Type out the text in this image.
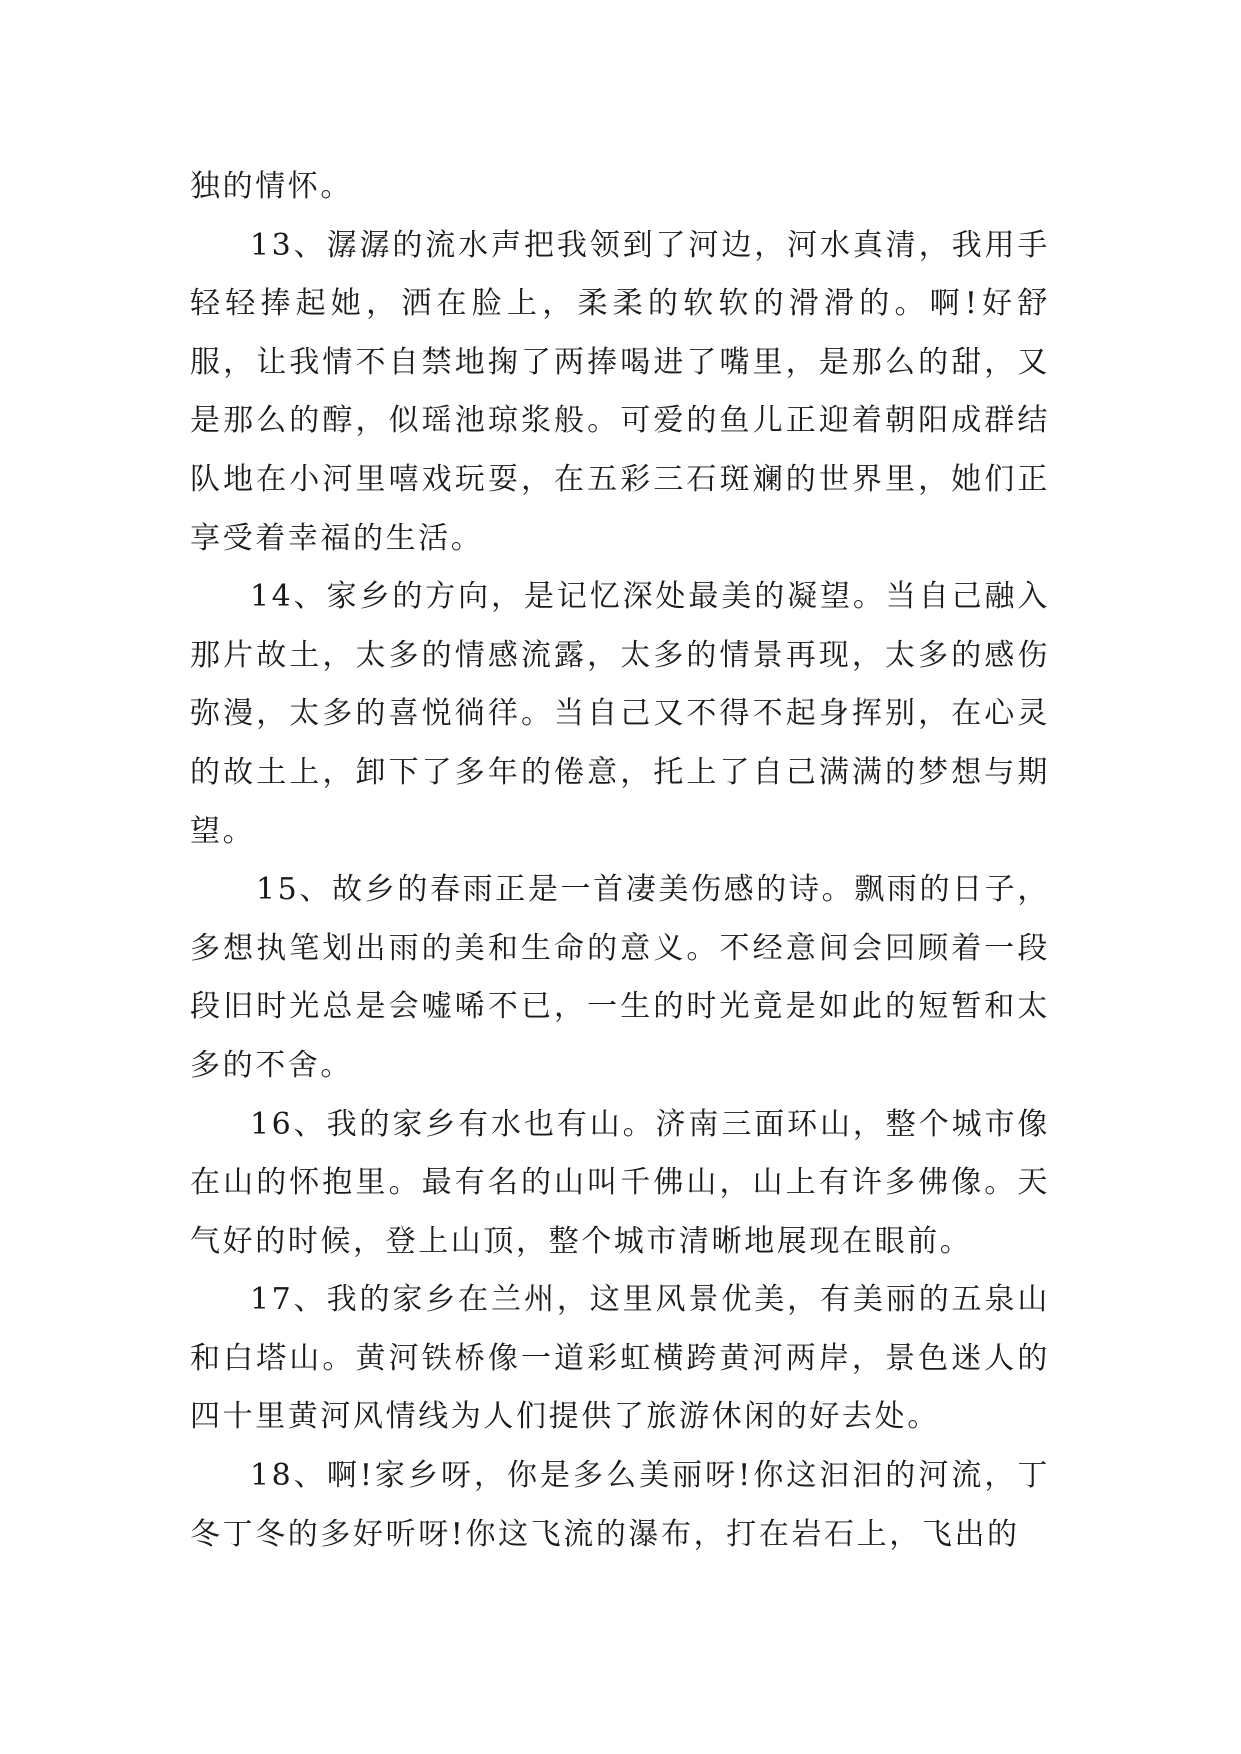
独的情怀。

13、潺潺的流水声把我领到了河边，河水真清，我用手轻轻捧起她，洒在脸上，柔柔的软软的滑滑的。啊!好舒服，让我情不自禁地掬了两捧喝进了嘴里，是那么的甜，又是那么的醇，似瑶池琼浆般。可爱的鱼儿正迎着朝阳成群结队地在小河里嘻戏玩耍，在五彩三石斑斓的世界里，她们正享受着幸福的生活。

14、家乡的方向，是记忆深处最美的凝望。当自己融入那片故土，太多的情感流露，太多的情景再现，太多的感伤弥漫，太多的喜悦徜徉。当自己又不得不起身挥别，在心灵的故土上，卸下了多年的倦意，托上了自己满满的梦想与期望。

15、故乡的春雨正是一首凄美伤感的诗。飘雨的日子，多想执笔划出雨的美和生命的意义。不经意间会回顾着一段段旧时光总是会嘘唏不已，一生的时光竟是如此的短暂和太多的不舍。

16、我的家乡有水也有山。济南三面环山，整个城市像在山的怀抱里。最有名的山叫千佛山，山上有许多佛像。天气好的时候，登上山顶，整个城市清晰地展现在眼前。

17、我的家乡在兰州，这里风景优美，有美丽的五泉山和白塔山。黄河铁桥像一道彩虹横跨黄河两岸，景色迷人的四十里黄河风情线为人们提供了旅游休闲的好去处。

18、啊!家乡呀，你是多么美丽呀!你这汩汩的河流，丁冬丁冬的多好听呀!你这飞流的瀑布，打在岩石上，飞出的
